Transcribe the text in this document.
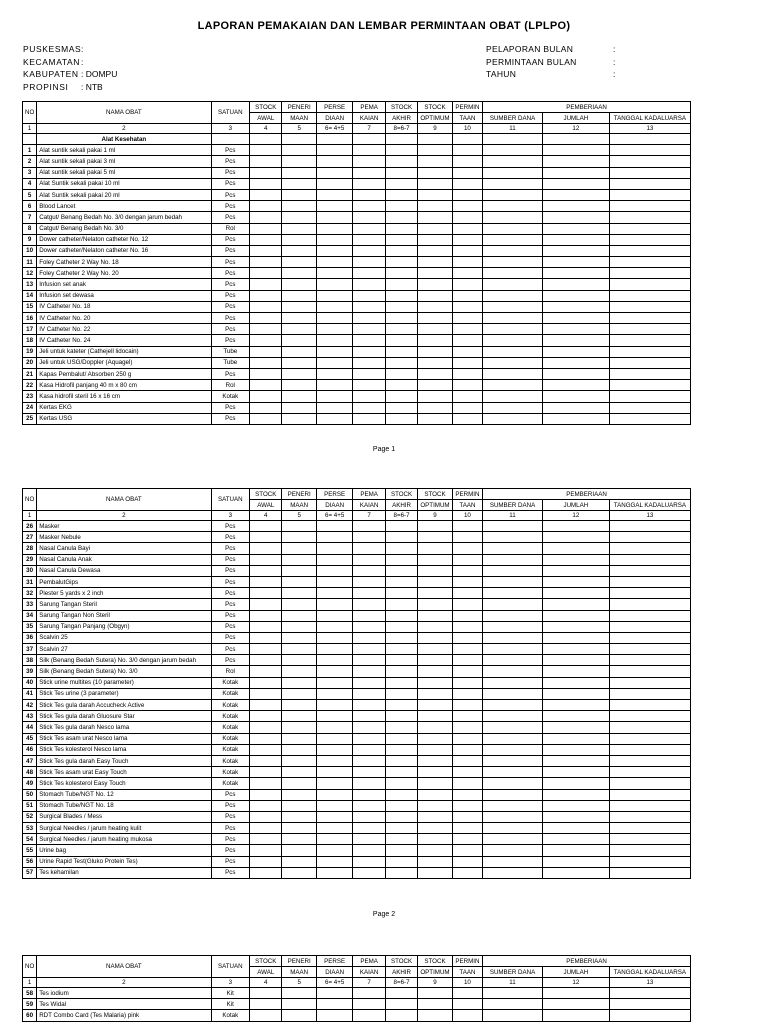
LAPORAN PEMAKAIAN DAN LEMBAR PERMINTAAN OBAT (LPLPO)
PUSKESMAS :
KECAMATAN :
KABUPATEN : DOMPU
PROPINSI	: NTB
PELAPORAN BULAN	:
PERMINTAAN BULAN	:
TAHUN	:
NO	NAMA OBAT	SATUAN	STOCK	PENERI	PERSE	PEMA	STOCK	STOCK	PERMIN	PEMBERIAAN		
			AWAL	MAAN	DIAAN	KAIAN	AKHIR	OPTIMUM	TAAN	SUMBER DANA	JUMLAH	TANGGAL KADALUARSA
1	2	3	4	5	6= 4+5	7	8=6-7	9	10	11	12	13
	Alat Kesehatan											
1	Alat suntik sekali pakai 1 ml	Pcs										
2	Alat suntik sekali pakai 3 ml	Pcs										
3	Alat suntik sekali pakai 5 ml	Pcs										
4	Alat Suntik sekali pakai 10 ml	Pcs										
5	Alat Suntik sekali pakai 20 ml	Pcs										
6	Blood Lancet	Pcs										
7	Catgut/ Benang Bedah No. 3/0 dengan jarum bedah	Pcs										
8	Catgut/ Benang Bedah No. 3/0	Rol										
9	Dower catheter/Nelaton catheter No. 12	Pcs										
10	Dower catheter/Nelaton catheter No. 16	Pcs										
11	Foley Catheter 2 Way No. 18	Pcs										
12	Foley Catheter 2 Way No. 20	Pcs										
13	Infusion set anak	Pcs										
14	Infusion set dewasa	Pcs										
15	IV Catheter No. 18	Pcs										
16	IV Catheter No. 20	Pcs										
17	IV Catheter No. 22	Pcs										
18	IV Catheter No. 24	Pcs										
19	Jeli untuk kateter (Cathejell lidocain)	Tube										
20	Jeli untuk USG/Doppler (Aquagel)	Tube										
21	Kapas Pembalut/ Absorben 250 g	Pcs										
22	Kasa Hidrofil panjang 40 m x 80 cm	Rol										
23	Kasa hidrofil steril 16 x 16 cm	Kotak										
24	Kertas EKG	Pcs										
25	Kertas USG	Pcs										
Page 1
NO	NAMA OBAT	SATUAN	STOCK	PENERI	PERSE	PEMA	STOCK	STOCK	PERMIN	PEMBERIAAN		
			AWAL	MAAN	DIAAN	KAIAN	AKHIR	OPTIMUM	TAAN	SUMBER DANA	JUMLAH	TANGGAL KADALUARSA
1	2	3	4	5	6= 4+5	7	8=6-7	9	10	11	12	13
26	Masker	Pcs										
27	Masker Nebule	Pcs										
28	Nasal Canula Bayi	Pcs										
29	Nasal Canula Anak	Pcs										
30	Nasal Canula Dewasa	Pcs										
31	PembalutGips	Pcs										
32	Plester 5 yards x 2 inch	Pcs										
33	Sarung Tangan Steril	Pcs										
34	Sarung Tangan Non Steril	Pcs										
35	Sarung Tangan Panjang (Obgyn)	Pcs										
36	Scalvin 25	Pcs										
37	Scalvin 27	Pcs										
38	Silk (Benang Bedah Sutera) No. 3/0 dengan jarum bedah	Pcs										
39	Silk (Benang Bedah Sutera) No. 3/0	Rol										
40	Stick urine multites (10 parameter)	Kotak										
41	Stick Tes urine (3 parameter)	Kotak										
42	Stick Tes gula darah Accucheck Active	Kotak										
43	Stick Tes gula darah Gluosure Star	Kotak										
44	Stick Tes gula darah Nesco lama	Kotak										
45	Stick Tes asam urat Nesco lama	Kotak										
46	Stick Tes kolesterol Nesco lama	Kotak										
47	Stick Tes gula darah Easy Touch	Kotak										
48	Stick Tes asam urat Easy Touch	Kotak										
49	Stick Tes kolesterol Easy Touch	Kotak										
50	Stomach Tube/NGT No. 12	Pcs										
51	Stomach Tube/NGT No. 18	Pcs										
52	Surgical Blades / Mess	Pcs										
53	Surgical Needles / jarum heating kulit	Pcs										
54	Surgical Needles / jarum heating mukosa	Pcs										
55	Urine bag	Pcs										
56	Urine Rapid Test(Gluko Protein Tes)	Pcs										
57	Tes kehamilan	Pcs										
Page 2
NO	NAMA OBAT	SATUAN	STOCK	PENERI	PERSE	PEMA	STOCK	STOCK	PERMIN	PEMBERIAAN		
			AWAL	MAAN	DIAAN	KAIAN	AKHIR	OPTIMUM	TAAN	SUMBER DANA	JUMLAH	TANGGAL KADALUARSA
1	2	3	4	5	6= 4+5	7	8=6-7	9	10	11	12	13
58	Tes iodium	Kit										
59	Tes Widal	Kit										
60	RDT Combo Card (Tes Malaria) pink	Kotak										
